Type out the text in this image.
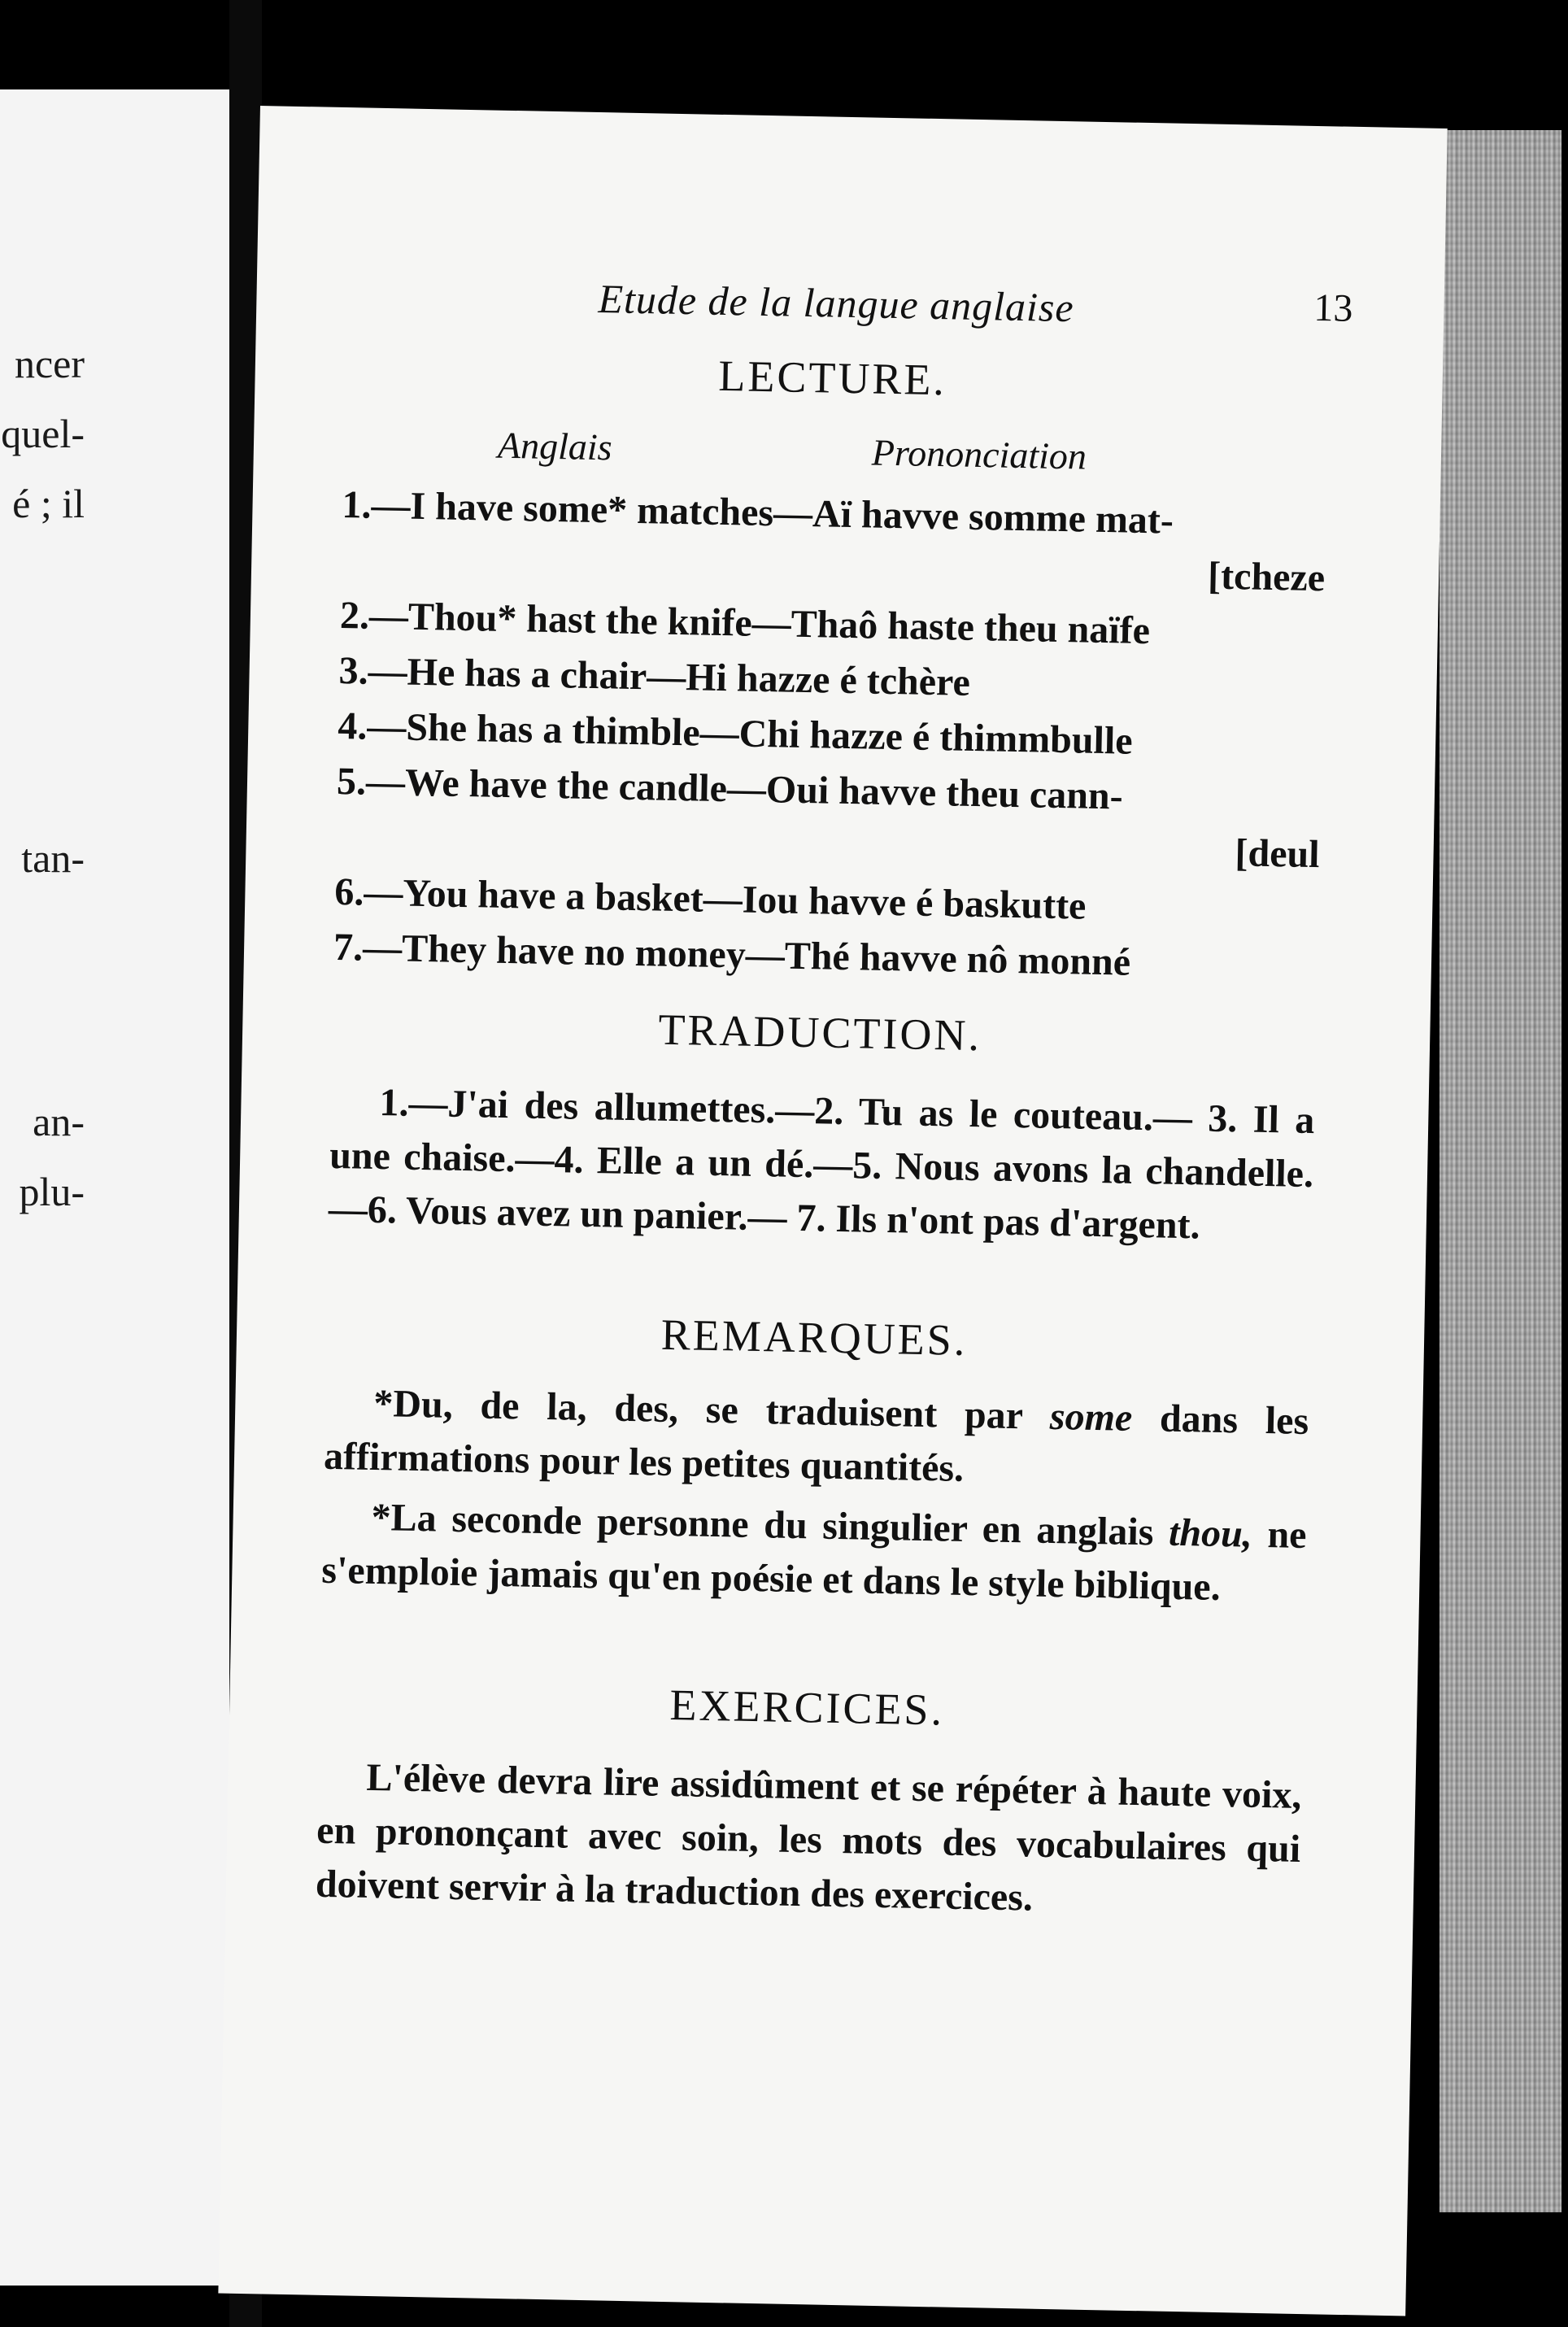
ncer
quel-
é ; il
tan-
an-
plu-
Etude de la langue anglaise	13
LECTURE.
Anglais	Prononciation
1.—I have some* matches—Aï havve somme mat-
[tcheze
2.—Thou* hast the knife—Thaô haste theu naïfe
3.—He has a chair—Hi hazze é tchère
4.—She has a thimble—Chi hazze é thimmbulle
5.—We have the candle—Oui havve theu cann-
[deul
6.—You have a basket—Iou havve é baskutte
7.—They have no money—Thé havve nô monné
TRADUCTION.
1.—J'ai des allumettes.—2. Tu as le couteau.— 3. Il a une chaise.—4. Elle a un dé.—5. Nous avons la chandelle.—6. Vous avez un panier.— 7. Ils n'ont pas d'argent.
REMARQUES.
*Du, de la, des, se traduisent par some dans les affirmations pour les petites quantités.
*La seconde personne du singulier en anglais thou, ne s'emploie jamais qu'en poésie et dans le style biblique.
EXERCICES.
L'élève devra lire assidûment et se répéter à haute voix, en prononçant avec soin, les mots des vocabulaires qui doivent servir à la traduction des exercices.
